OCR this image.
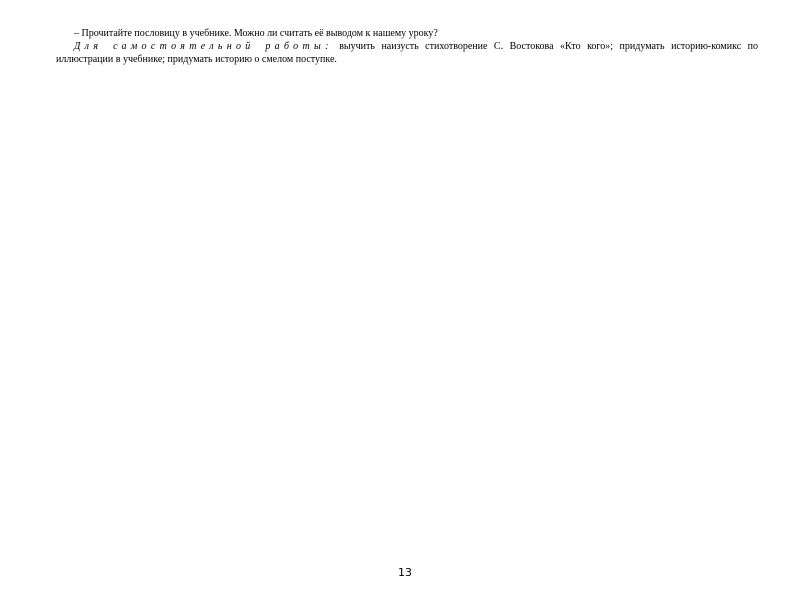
– Прочитайте пословицу в учебнике. Можно ли считать её выводом к нашему уроку?

Для самостоятельной работы: выучить наизусть стихотворение С. Востокова «Кто кого»; придумать историю-комикс по иллюстрации в учебнике; придумать историю о смелом поступке.

13
